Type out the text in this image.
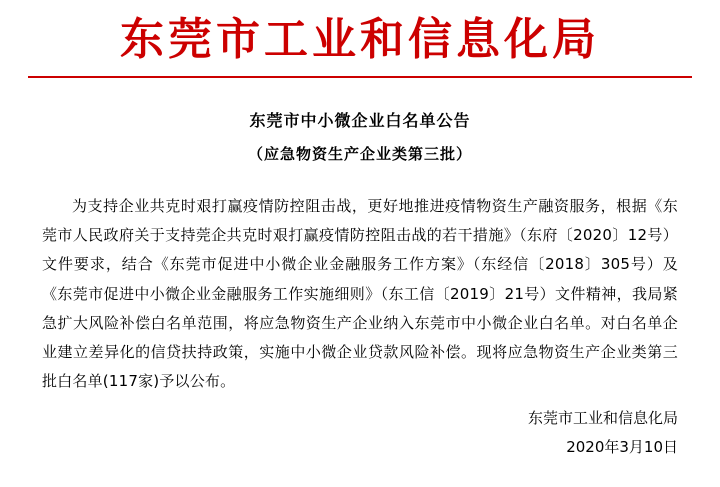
东莞市工业和信息化局
东莞市中小微企业白名单公告
（应急物资生产企业类第三批）
为支持企业共克时艰打赢疫情防控阻击战，更好地推进疫情物资生产融资服务，根据《东莞市人民政府关于支持莞企共克时艰打赢疫情防控阻击战的若干措施》（东府〔2020〕12号）文件要求，结合《东莞市促进中小微企业金融服务工作方案》（东经信〔2018〕305号）及《东莞市促进中小微企业金融服务工作实施细则》（东工信〔2019〕21号）文件精神，我局紧急扩大风险补偿白名单范围，将应急物资生产企业纳入东莞市中小微企业白名单。对白名单企业建立差异化的信贷扶持政策，实施中小微企业贷款风险补偿。现将应急物资生产企业类第三批白名单(117家)予以公布。
东莞市工业和信息化局
2020年3月10日
